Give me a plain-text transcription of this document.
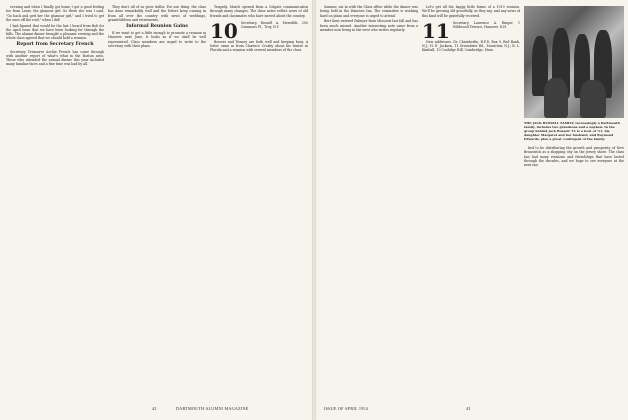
evening and when I finally got home I got a good feeling too from Lenie, the glamour girl. So there she was I said, "Go back and gett her the glamour girl," and I tried to get the ones off the roof," when I did!

I had figured that would be the last I heard from Bob for the April issue that we have been looking for through the hills. The alumni dinner brought a pleasant evening and the whole class agreed that we should hold a reunion.

Report from Secretary French

Secretary Treasurer Archie French has come through with another report of what's what in the Boston area. Those who attended the annual dinner this year included many familiar faces and a fine time was had by all.

They don't all of us grow duller. For one thing, the class has done remarkably well and the letters keep coming in from all over the country with news of weddings, grandchildren and retirements.

Informal Reunion Gains

If we want to get a little enough to promote a reunion in Hanover next June, it looks as if we shall be well represented. Class members are urged to write to the secretary with their plans.

Tragedy. March opened from a Colgate communication through many changes. The class notes reflect news of old friends and classmates who have moved about the country.

10 Secretary, Russell A. Meredith, 200 Commons Pl., Troy, N.Y.

Bowers and Tenney are both well and keeping busy. A letter came in from Clarence Crosby about his winter in Florida and a reunion with several members of the class.

42	DARTMOUTH ALUMNI MAGAZINE

Sumner, sat in with the Class office while the dinner was being held in the Hanover Inn. The committee is working hard on plans and everyone is urged to attend.

Bert Kent entered Palmyer from Missouri last fall and has been much missed. Another interesting note came from a member now living in the west who writes regularly.

Let's get all the happy little forms of a 1910 reunion. We'll be growing old gracefully, as they say, and any news of this kind will be gratefully received.

11 Secretary, Laurence A. Ringer, 1 Wildwood Terrace, Hanover, N.H.

New addresses. Dr. Chamberlin, R.F.D. Box 9, Red Bank, N.J.; H. E. Jackson, 11 Greenbrier Rd., Montclair, N.J.; R. L. Kimball, 10 Coolidge Hill, Cambridge, Mass.

THE JACK RUSSELL FAMILY, increasingly a Dartmouth family, includes two grandsons and a nephew. In the group behind Jack Russell '11 is a host of '11, his daughter Margaret and her husband, and Raymond Edwards, plus a great contingent of the family.

ked to be distributing the growth and prosperity of New Brunswick as a shopping city on the Jersey shore. The class has had many reunions and friendships that have lasted through the decades, and we hope to see everyone at the next one.

ISSUE OF APRIL 1954	43
